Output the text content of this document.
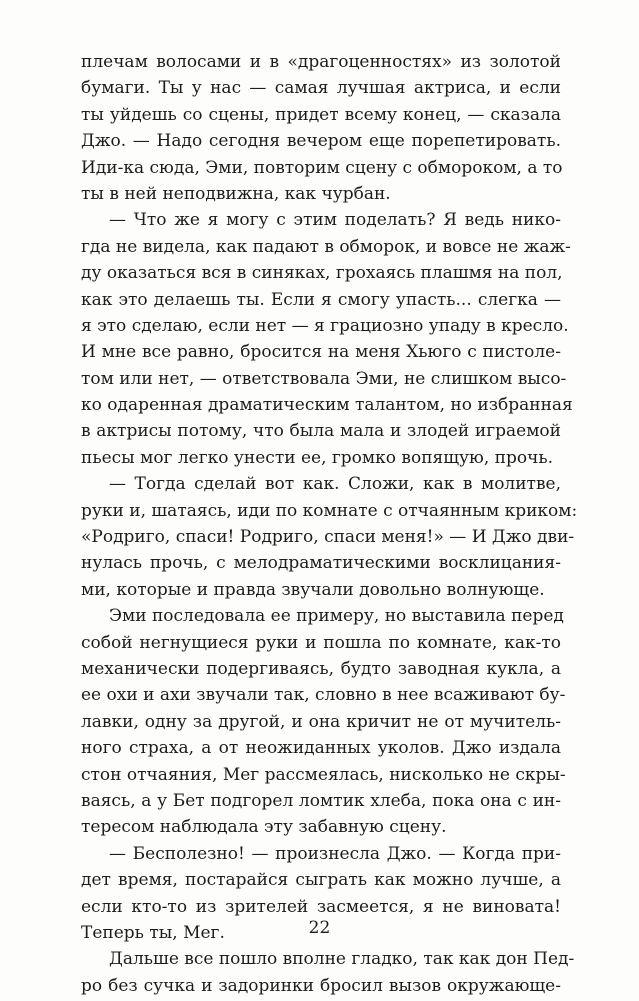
плечам волосами и в «драгоценностях» из золотой
бумаги. Ты у нас — самая лучшая актриса, и если
ты уйдешь со сцены, придет всему конец, — сказала
Джо. — Надо сегодня вечером еще порепетировать.
Иди-ка сюда, Эми, повторим сцену с обмороком, а то
ты в ней неподвижна, как чурбан.
— Что же я могу с этим поделать? Я ведь нико-
гда не видела, как падают в обморок, и вовсе не жаж-
ду оказаться вся в синяках, грохаясь плашмя на пол,
как это делаешь ты. Если я смогу упасть... слегка —
я это сделаю, если нет — я грациозно упаду в кресло.
И мне все равно, бросится на меня Хьюго с пистоле-
том или нет, — ответствовала Эми, не слишком высо-
ко одаренная драматическим талантом, но избранная
в актрисы потому, что была мала и злодей играемой
пьесы мог легко унести ее, громко вопящую, прочь.
— Тогда сделай вот как. Сложи, как в молитве,
руки и, шатаясь, иди по комнате с отчаянным криком:
«Родриго, спаси! Родриго, спаси меня!» — И Джо дви-
нулась прочь, с мелодраматическими восклицания-
ми, которые и правда звучали довольно волнующе.
Эми последовала ее примеру, но выставила перед
собой негнущиеся руки и пошла по комнате, как-то
механически подергиваясь, будто заводная кукла, а
ее охи и ахи звучали так, словно в нее всаживают бу-
лавки, одну за другой, и она кричит не от мучитель-
ного страха, а от неожиданных уколов. Джо издала
стон отчаяния, Мег рассмеялась, нисколько не скры-
ваясь, а у Бет подгорел ломтик хлеба, пока она с ин-
тересом наблюдала эту забавную сцену.
— Бесполезно! — произнесла Джо. — Когда при-
дет время, постарайся сыграть как можно лучше, а
если кто-то из зрителей засмеется, я не виновата!
Теперь ты, Мег.
Дальше все пошло вполне гладко, так как дон Пед-
ро без сучка и задоринки бросил вызов окружающе-
22
